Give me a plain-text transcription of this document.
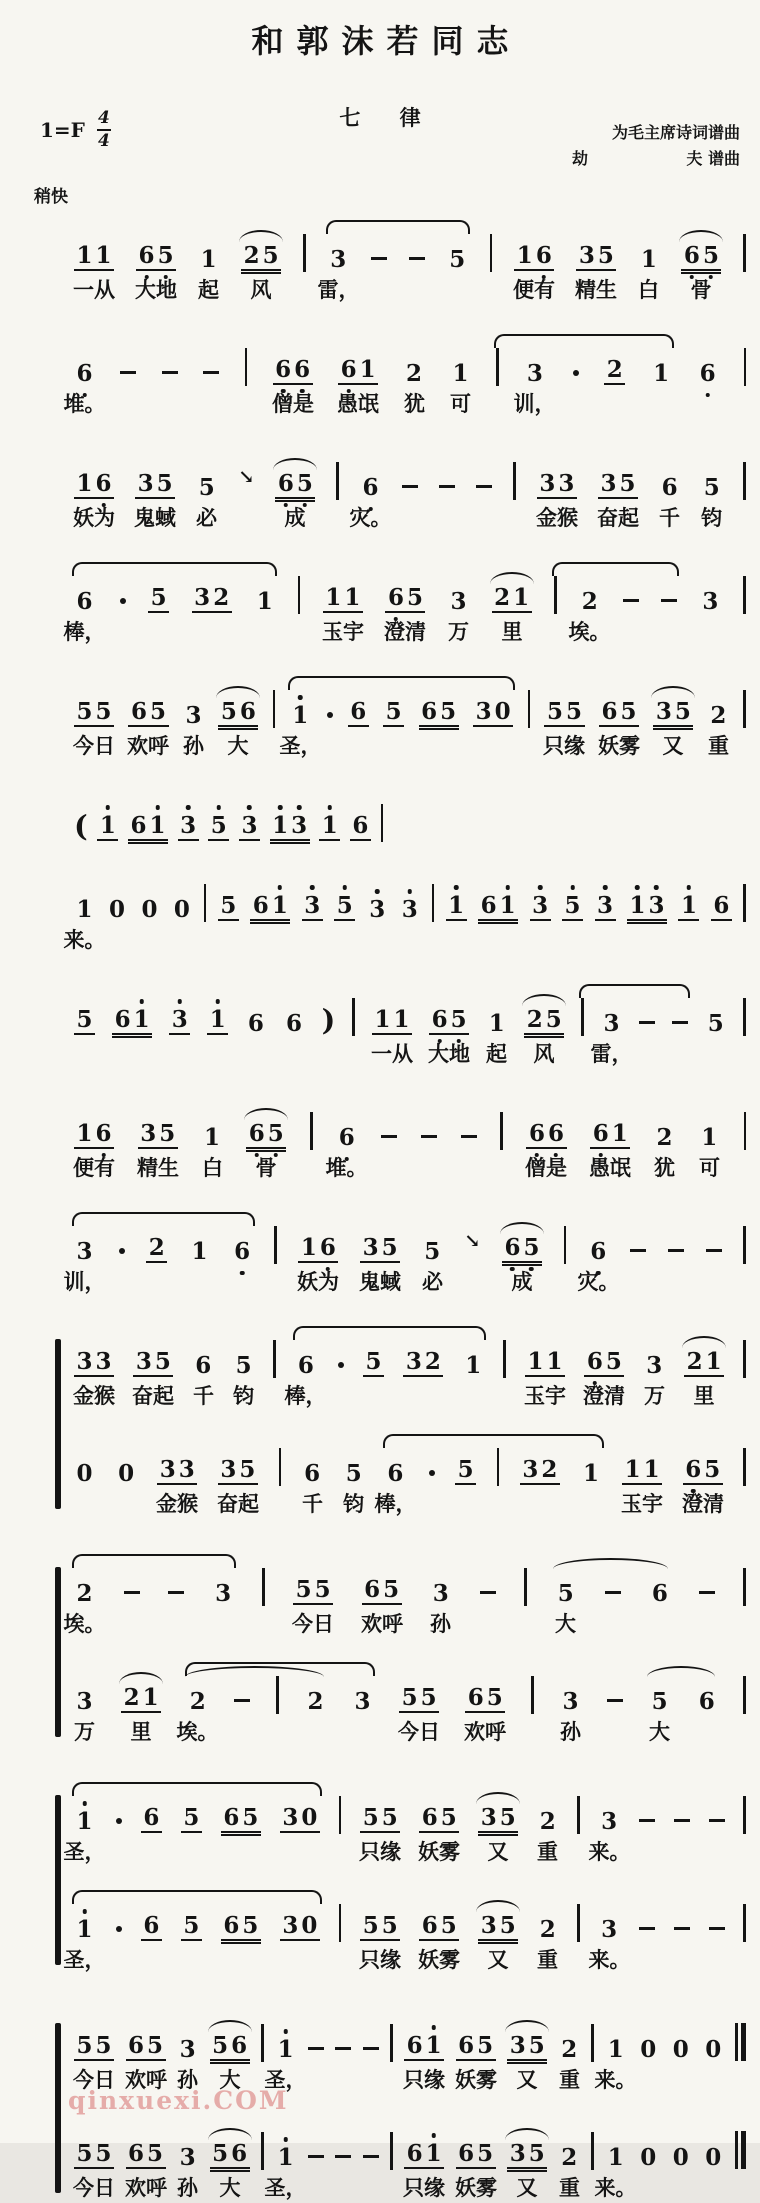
和郭沫若同志
$1=F \frac{4}{4}$	七 律
为毛主席诗词谱曲
劫	夫 谱曲
稍快
1 1 6 5 1 2 5 3	5 1 6 3 5 1 6 5
一从 大地 起 风 雷，	便有 精生 白 骨
6	6 6 6 1 2 1	3	2 1 6
堆。	僧是 愚氓 犹 可 训，
1 6 3 5 5 ↘ 6 5 6	3 3 3 5 6 5
妖为 鬼蜮 必	成 灾。	金猴 奋起 千 钧
6	5 3 2 1 1 1 6 5 3 2 1 2	3
棒，	玉宇 澄清 万 里 埃。
5 5 6 5 3 5 6 1 6 5 6 5 3 0 5 5 6 5 3 5 2
今日 欢呼 孙 大 圣，	只缘 妖雾 又 重
( 1 6 1 3 5 3 1 3 1 6
1 0 0 0 5 6 1 3 5 3 3 1 6 1 3 5 3 1 3 1 6
来。
5 6 1 3 1 6 6 ) 1 1 6 5 1 2 5 3	5
一从 大地 起 风 雷，
1 6 3 5 1 6 5 6	6 6 6 1 2 1
便有 精生 白 骨 堆。	僧是 愚氓 犹 可
3 2 1 6 1 6 3 5 5 ↘ 6 5 6
训，	妖为 鬼蜮 必	成 灾。
3 3 3 5 6 5 6 5 3 2 1 1 1 6 5 3 2 1
金猴 奋起 千 钧 棒，	玉宇 澄清 万 里
0 0 3 3 3 5 6 5 6 5 3 2 1 1 1 6 5
金猴 奋起 千 钧 棒，	玉宇 澄清
2	3	5 5 6 5 3	5	6
埃。	今日 欢呼 孙	大
3 2 1 2	2 3 5 5 6 5	3	5 6
万 里 埃。	今日 欢呼	孙	大
1 6 5 6 5 3 0 5 5 6 5 3 5 2 3
圣，	只缘 妖雾 又 重 来。
1 6 5 6 5 3 0 5 5 6 5 3 5 2 3
圣，	只缘 妖雾 又 重 来。
5 5 6 5 3 5 6 1	6 1 6 5 3 5 2 1 0 0 0
今日 欢呼 孙 大 圣，	只缘 妖雾 又 重 来。
5 5 6 5 3 5 6 1	6 1 6 5 3 5 2 1 0 0 0
今日 欢呼 孙 大 圣，	只缘 妖雾 又 重 来。
qinxuexi.COM
